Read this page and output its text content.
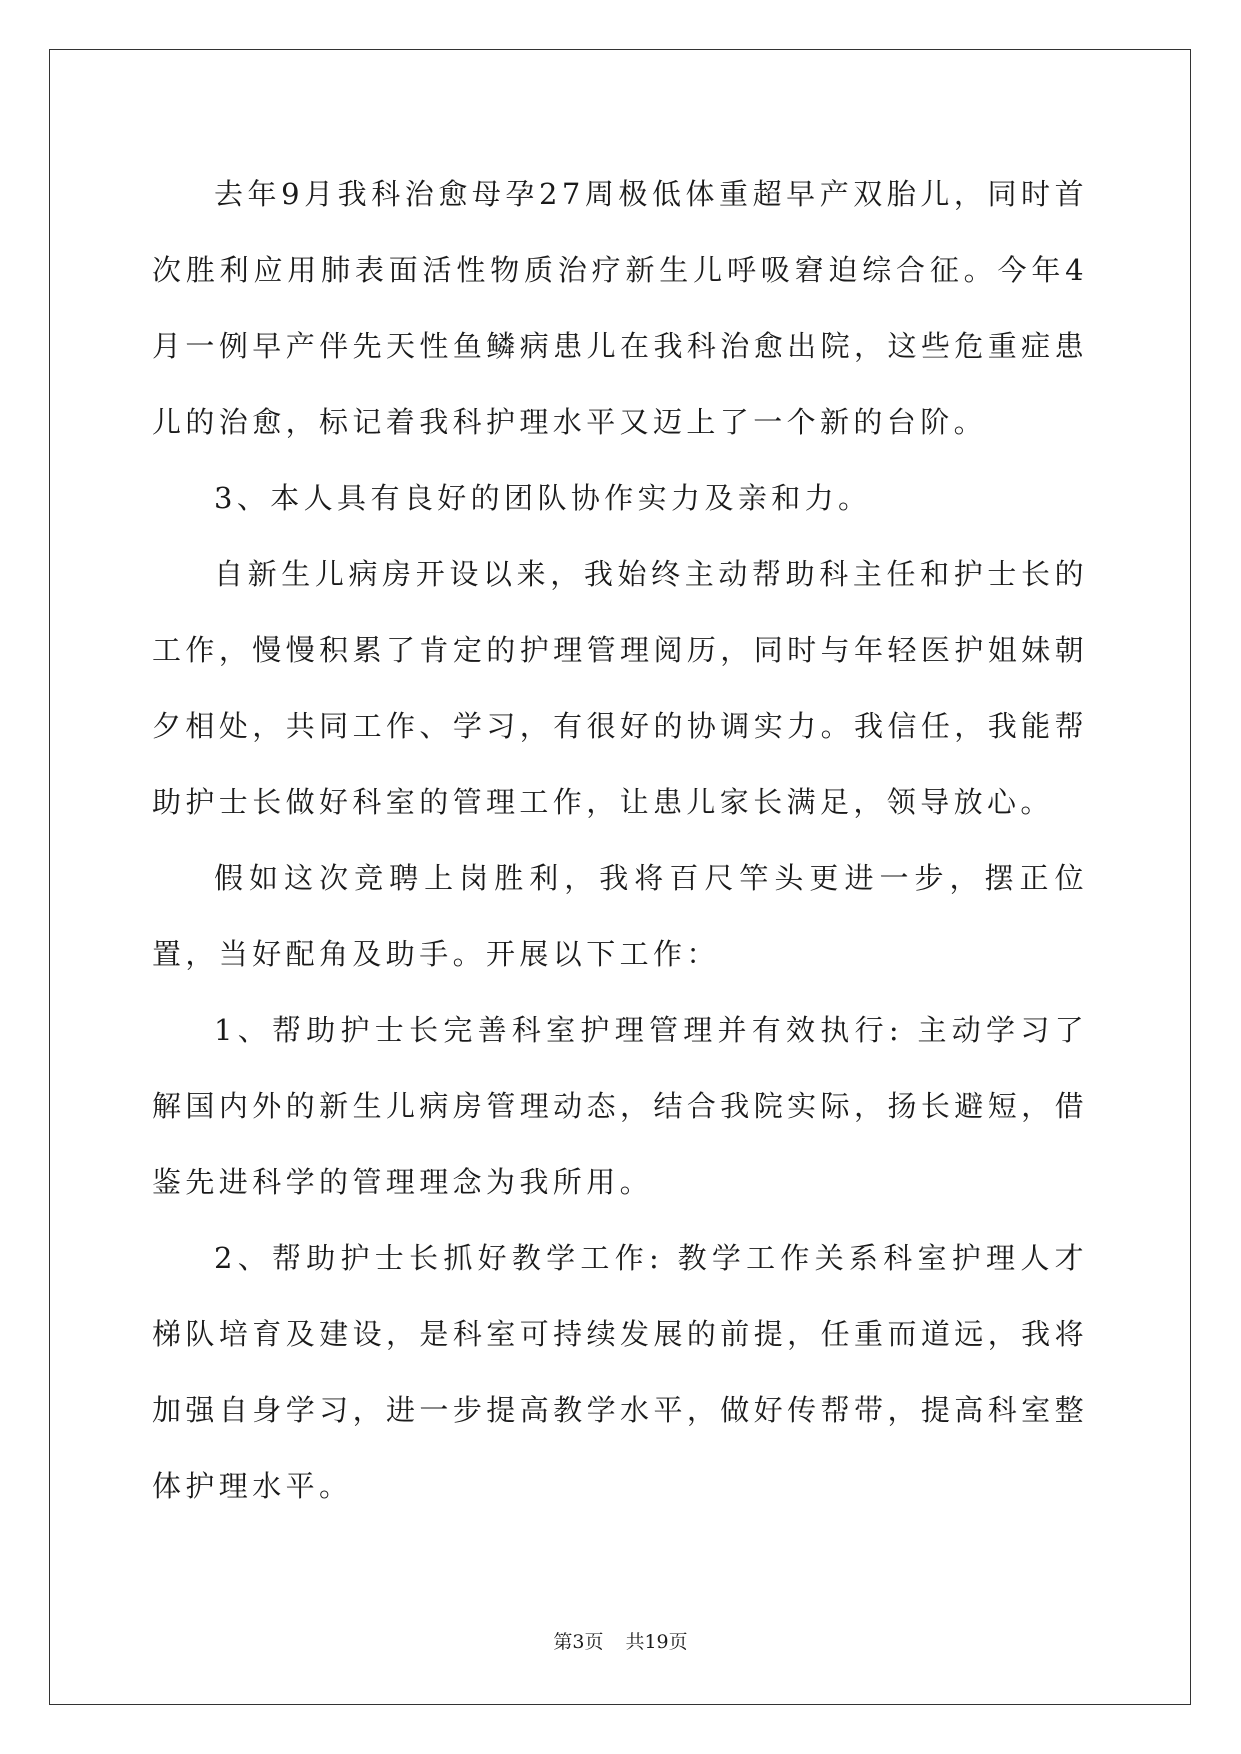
去年9月我科治愈母孕27周极低体重超早产双胎儿，同时首次胜利应用肺表面活性物质治疗新生儿呼吸窘迫综合征。今年4月一例早产伴先天性鱼鳞病患儿在我科治愈出院，这些危重症患儿的治愈，标记着我科护理水平又迈上了一个新的台阶。

3、本人具有良好的团队协作实力及亲和力。

自新生儿病房开设以来，我始终主动帮助科主任和护士长的工作，慢慢积累了肯定的护理管理阅历，同时与年轻医护姐妹朝夕相处，共同工作、学习，有很好的协调实力。我信任，我能帮助护士长做好科室的管理工作，让患儿家长满足，领导放心。

假如这次竞聘上岗胜利，我将百尺竿头更进一步，摆正位置，当好配角及助手。开展以下工作：

1、帮助护士长完善科室护理管理并有效执行: 主动学习了解国内外的新生儿病房管理动态，结合我院实际，扬长避短，借鉴先进科学的管理理念为我所用。

2、帮助护士长抓好教学工作: 教学工作关系科室护理人才梯队培育及建设，是科室可持续发展的前提，任重而道远，我将加强自身学习，进一步提高教学水平，做好传帮带，提高科室整体护理水平。

第3页 共19页
